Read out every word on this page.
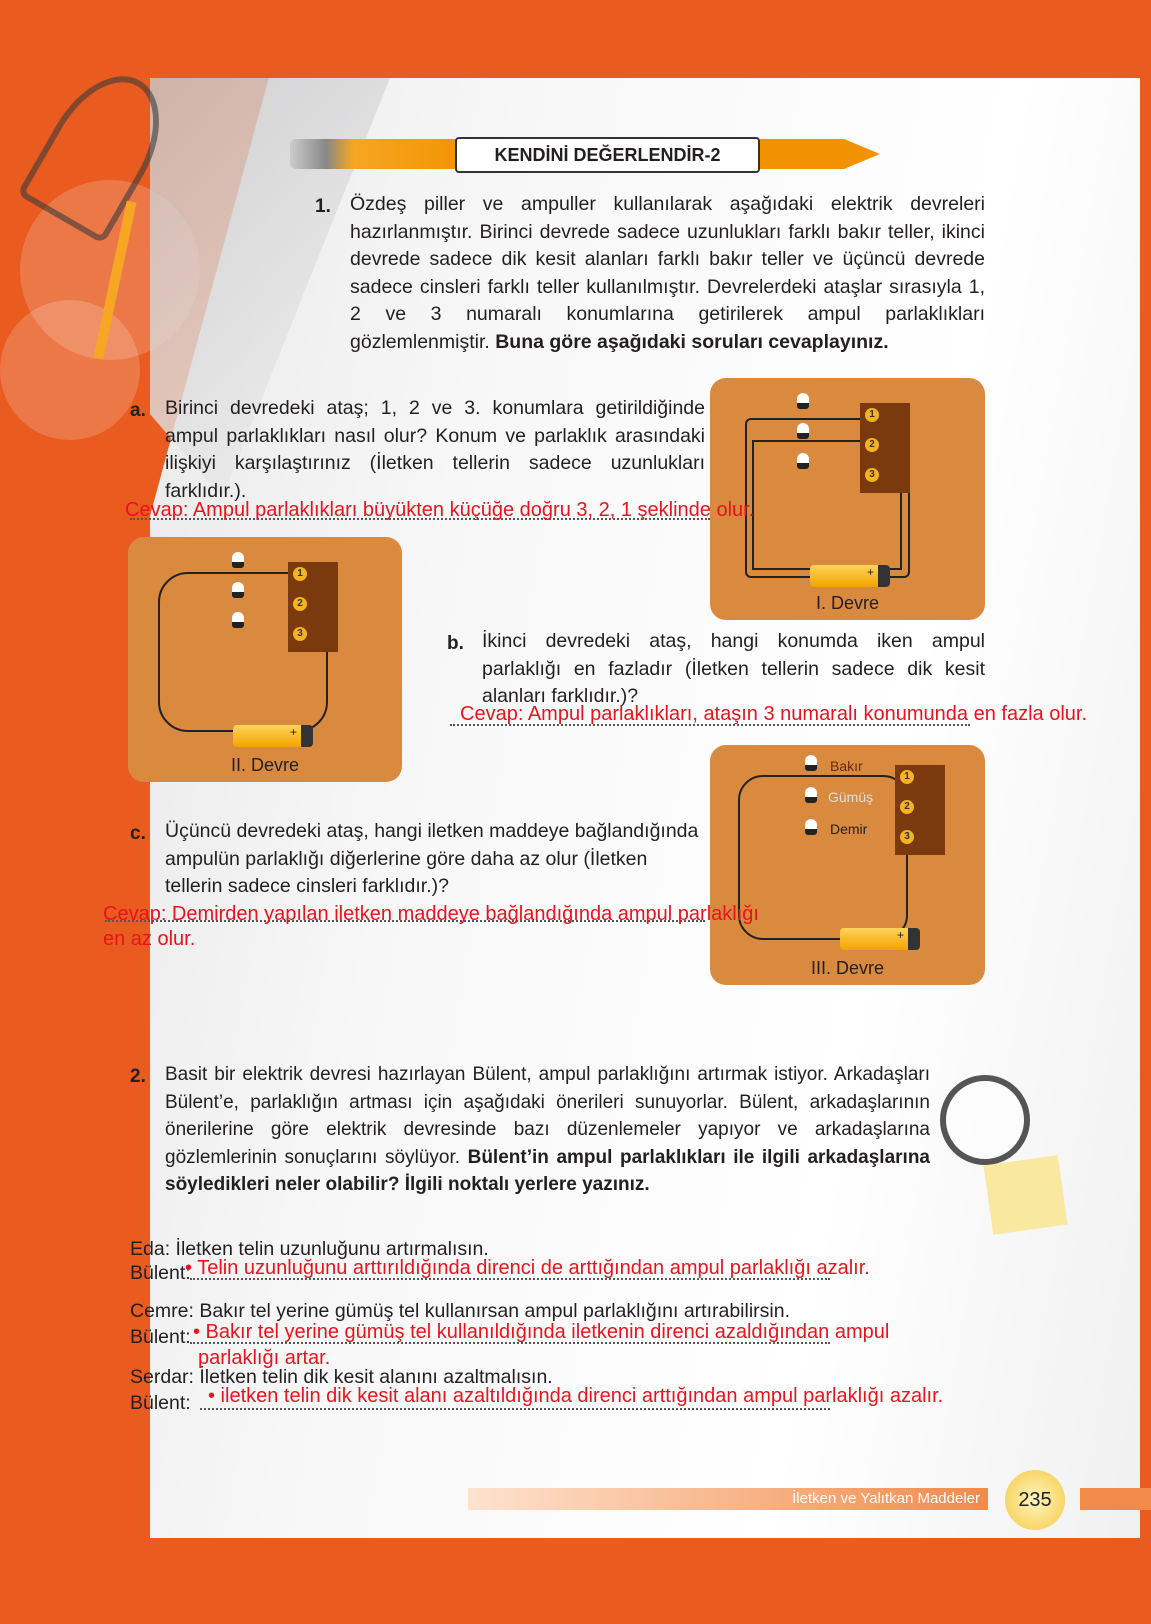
KENDİNİ DEĞERLENDİR-2
1. Özdeş piller ve ampuller kullanılarak aşağıdaki elektrik devreleri hazırlanmıştır. Birinci devrede sadece uzunlukları farklı bakır teller, ikinci devrede sadece dik kesit alanları farklı bakır teller ve üçüncü devrede sadece cinsleri farklı teller kullanılmıştır. Devrelerdeki ataşlar sırasıyla 1, 2 ve 3 numaralı konumlarına getirilerek ampul parlaklıkları gözlemlenmiştir. Buna göre aşağıdaki soruları cevaplayınız.
a. Birinci devredeki ataş; 1, 2 ve 3. konumlara getirildiğinde ampul parlaklıkları nasıl olur? Konum ve parlaklık arasındaki ilişkiyi karşılaştırınız (İletken tellerin sadece uzunlukları farklıdır.).
Cevap: Ampul parlaklıkları büyükten küçüğe doğru 3, 2, 1 şeklinde olur.
1
2
3
+
I. Devre
1
2
3
+
II. Devre
b. İkinci devredeki ataş, hangi konumda iken ampul parlaklığı en fazladır (İletken tellerin sadece dik kesit alanları farklıdır.)?
Cevap: Ampul parlaklıkları, ataşın 3 numaralı konumunda en fazla olur.
Bakır
Gümüş
Demir
1
2
3
+
III. Devre
c. Üçüncü devredeki ataş, hangi iletken maddeye bağlandığında ampulün parlaklığı diğerlerine göre daha az olur (İletken tellerin sadece cinsleri farklıdır.)?
Cevap: Demirden yapılan iletken maddeye bağlandığında ampul parlaklığı en az olur.
2. Basit bir elektrik devresi hazırlayan Bülent, ampul parlaklığını artırmak istiyor. Arkadaşları Bülent’e, parlaklığın artması için aşağıdaki önerileri sunuyorlar. Bülent, arkadaşlarının önerilerine göre elektrik devresinde bazı düzenlemeler yapıyor ve arkadaşlarına gözlemlerinin sonuçlarını söylüyor. Bülent’in ampul parlaklıkları ile ilgili arkadaşlarına söyledikleri neler olabilir? İlgili noktalı yerlere yazınız.
Eda: İletken telin uzunluğunu artırmalısın.
Bülent:
• Telin uzunluğunu arttırıldığında direnci de arttığından ampul parlaklığı azalır.
Cemre: Bakır tel yerine gümüş tel kullanırsan ampul parlaklığını artırabilirsin.
Bülent: • Bakır tel yerine gümüş tel kullanıldığında iletkenin direnci azaldığından ampul
parlaklığı artar.
Serdar: İletken telin dik kesit alanını azaltmalısın.
Bülent: • iletken telin dik kesit alanı azaltıldığında direnci arttığından ampul parlaklığı azalır.
İletken ve Yalıtkan Maddeler	235
